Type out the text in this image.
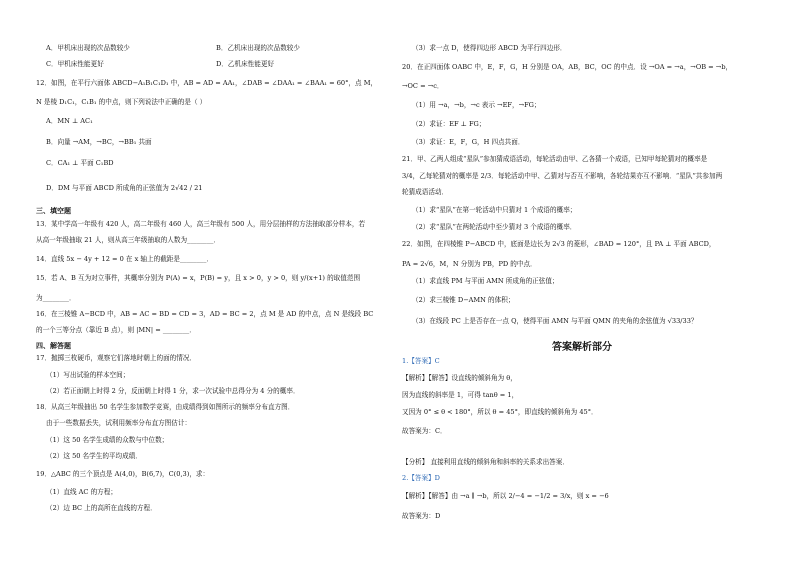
A．甲机床出现的次品数较少	B．乙机床出现的次品数较少
C．甲机床性能更好	D．乙机床性能更好
12．如图，在平行六面体 ABCD−A₁B₁C₁D₁ 中，AB = AD = AA₁，∠DAB = ∠DAA₁ = ∠BAA₁ = 60°，点 M，
N 是棱 D₁C₁，C₁B₁ 的中点，则下列说法中正确的是（ ）
A．MN ⊥ AC₁
B．向量 →AM，→BC，→BB₁ 共面
C．CA₁ ⊥ 平面 C₁BD
D．DM 与平面 ABCD 所成角的正弦值为 2√42 / 21
三、填空题
13．某中学高一年级有 420 人，高二年级有 460 人，高三年级有 500 人，用分层抽样的方法抽取部分样本，若
从高一年级抽取 21 人，则从高三年级抽取的人数为________．
14．直线 5x − 4y + 12 = 0 在 x 轴上的截距是________．
15．若 A、B 互为对立事件，其概率分别为 P(A) = x，P(B) = y，且 x > 0，y > 0，则 y/(x+1) 的取值范围
为________．
16．在三棱锥 A−BCD 中，AB = AC = BD = CD = 3，AD = BC = 2，点 M 是 AD 的中点，点 N 是线段 BC
的一个三等分点（靠近 B 点），则 |MN| = ________．
四、解答题
17．抛掷三枚硬币，观察它们落地时朝上的面的情况．
（1）写出试验的样本空间；
（2）若正面朝上时得 2 分，反面朝上时得 1 分，求一次试验中总得分为 4 分的概率．
18．从高三年级抽出 50 名学生参加数学竞赛，由成绩得到如图所示的频率分布直方图．
由于一些数据丢失，试利用频率分布直方图估计：
（1）这 50 名学生成绩的众数与中位数；
（2）这 50 名学生的平均成绩．
19．△ABC 的三个顶点是 A(4,0)，B(6,7)，C(0,3)，求：
（1）直线 AC 的方程；
（2）边 BC 上的高所在直线的方程．
答案解析部分
（3）求一点 D，使得四边形 ABCD 为平行四边形．
20．在正四面体 OABC 中，E，F，G，H 分别是 OA，AB，BC，OC 的中点．设 →OA = →a，→OB = →b，
→OC = →c．
（1）用 →a，→b，→c 表示 →EF，→FG；
（2）求证：EF ⊥ FG；
（3）求证：E，F，G，H 四点共面．
21．甲、乙两人组成“星队”参加猜成语活动，每轮活动由甲、乙各猜一个成语，已知甲每轮猜对的概率是
3/4，乙每轮猜对的概率是 2/3．每轮活动中甲、乙猜对与否互不影响，各轮结果亦互不影响．“星队”共参加两
轮猜成语活动．
（1）求“星队”在第一轮活动中只猜对 1 个成语的概率；
（2）求“星队”在两轮活动中至少猜对 3 个成语的概率．
22．如图，在四棱锥 P−ABCD 中，底面是边长为 2√3 的菱形，∠BAD = 120°，且 PA ⊥ 平面 ABCD，
PA = 2√6，M，N 分别为 PB，PD 的中点．
（1）求直线 PM 与平面 AMN 所成角的正弦值；
（2）求三棱锥 D−AMN 的体积；
（3）在线段 PC 上是否存在一点 Q，使得平面 AMN 与平面 QMN 的夹角的余弦值为 √33/33？
1.【答案】C
【解析】【解答】设直线的倾斜角为 θ，
因为直线的斜率是 1，可得 tanθ = 1，
又因为 0° ≤ θ < 180°，所以 θ = 45°，即直线的倾斜角为 45°．
故答案为：C．
【分析】 直接利用直线的倾斜角和斜率的关系求出答案．
2.【答案】D
【解析】【解答】由 →a ∥ →b，所以 2/−4 = −1/2 = 3/x，则 x = −6
故答案为：D
